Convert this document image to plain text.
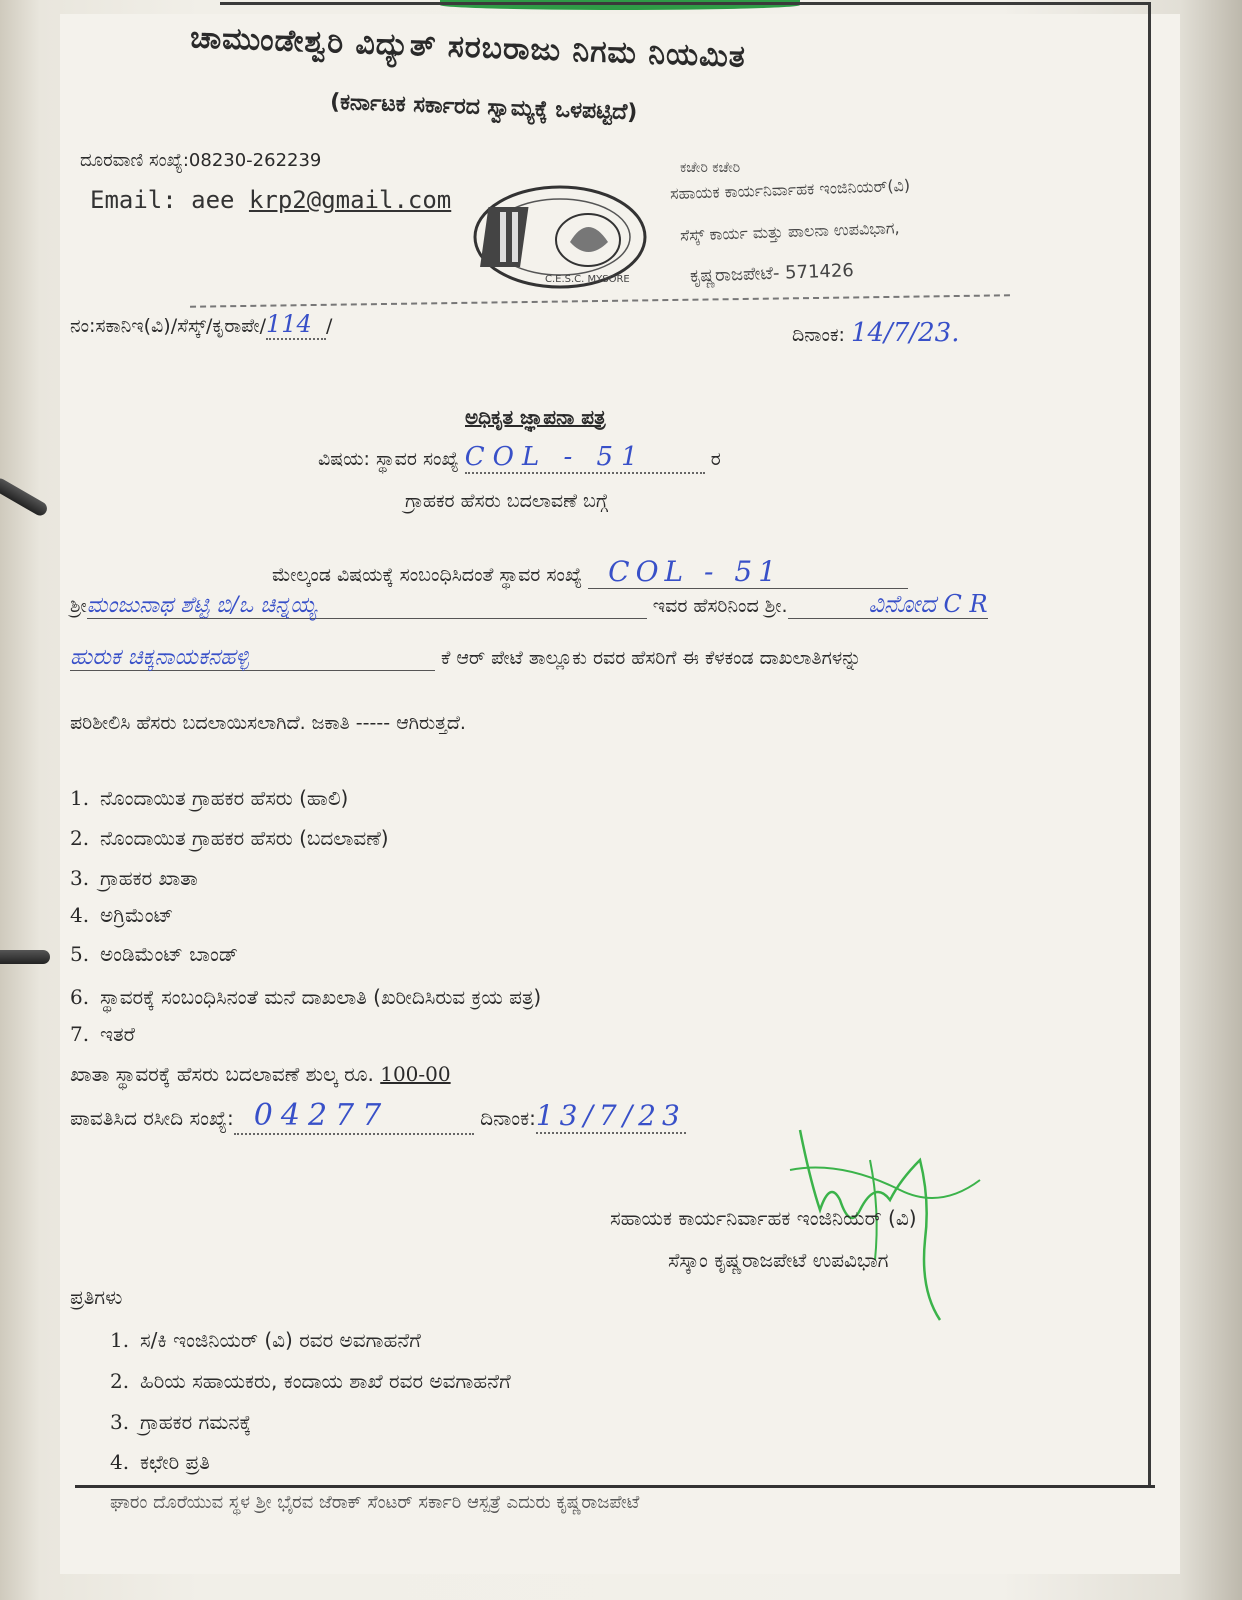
ಚಾಮುಂಡೇಶ್ವರಿ ವಿದ್ಯುತ್ ಸರಬರಾಜು ನಿಗಮ ನಿಯಮಿತ
(ಕರ್ನಾಟಕ ಸರ್ಕಾರದ ಸ್ವಾಮ್ಯಕ್ಕೆ ಒಳಪಟ್ಟಿದೆ)
ದೂರವಾಣಿ ಸಂಖ್ಯೆ:08230-262239
Email: aee krp2@gmail.com
C.E.S.C. MYSORE
ಕಚೇರಿ ಕಚೇರಿ
ಸಹಾಯಕ ಕಾರ್ಯನಿರ್ವಾಹಕ ಇಂಜಿನಿಯರ್(ವಿ)
ಸೆಸ್ಕ್ ಕಾರ್ಯ ಮತ್ತು ಪಾಲನಾ ಉಪವಿಭಾಗ,
ಕೃಷ್ಣರಾಜಪೇಟೆ- 571426
ನಂ:ಸಕಾನಿಇ(ವಿ)/ಸೆಸ್ಕ್/ಕೃರಾಪೇ/114 /	ದಿನಾಂಕ: 14/7/23.
ಅಧಿಕೃತ ಜ್ಞಾಪನಾ ಪತ್ರ
ವಿಷಯ: ಸ್ಥಾವರ ಸಂಖ್ಯೆ COL - 51	ರ
ಗ್ರಾಹಕರ ಹೆಸರು ಬದಲಾವಣೆ ಬಗ್ಗೆ
ಮೇಲ್ಕಂಡ ವಿಷಯಕ್ಕೆ ಸಂಬಂಧಿಸಿದಂತೆ ಸ್ಥಾವರ ಸಂಖ್ಯೆ COL - 51
ಶ್ರೀಮಂಜುನಾಥ ಶೆಟ್ಟಿ ಬಿ/ಒ ಚಿನ್ನಯ್ಯ	ಇವರ ಹೆಸರಿನಿಂದ ಶ್ರೀ.	ವಿನೋದ C R
ಹುರುಕ ಚಿಕ್ಕನಾಯಕನಹಳ್ಳಿ	ಕೆ ಆರ್ ಪೇಟೆ ತಾಲ್ಲೂಕು ರವರ ಹೆಸರಿಗೆ ಈ ಕೆಳಕಂಡ ದಾಖಲಾತಿಗಳನ್ನು
ಪರಿಶೀಲಿಸಿ ಹೆಸರು ಬದಲಾಯಿಸಲಾಗಿದೆ. ಜಕಾತಿ ----- ಆಗಿರುತ್ತದೆ.
1. ನೊಂದಾಯಿತ ಗ್ರಾಹಕರ ಹೆಸರು (ಹಾಲಿ)
2. ನೊಂದಾಯಿತ ಗ್ರಾಹಕರ ಹೆಸರು (ಬದಲಾವಣೆ)
3. ಗ್ರಾಹಕರ ಖಾತಾ
4. ಅಗ್ರಿಮೆಂಟ್
5. ಅಂಡಿಮೆಂಟ್ ಬಾಂಡ್
6. ಸ್ಥಾವರಕ್ಕೆ ಸಂಬಂಧಿಸಿನಂತೆ ಮನೆ ದಾಖಲಾತಿ (ಖರೀದಿಸಿರುವ ಕ್ರಯ ಪತ್ರ)
7. ಇತರೆ
ಖಾತಾ ಸ್ಥಾವರಕ್ಕೆ ಹೆಸರು ಬದಲಾವಣೆ ಶುಲ್ಕ ರೂ. 100-00
ಪಾವತಿಸಿದ ರಸೀದಿ ಸಂಖ್ಯೆ: 04277	ದಿನಾಂಕ:13/7/23
ಸಹಾಯಕ ಕಾರ್ಯನಿರ್ವಾಹಕ ಇಂಜಿನಿಯರ್ (ವಿ)
ಸೆಸ್ಕಾಂ ಕೃಷ್ಣರಾಜಪೇಟೆ ಉಪವಿಭಾಗ
ಪ್ರತಿಗಳು
1. ಸ/ಕಿ ಇಂಜಿನಿಯರ್ (ವಿ) ರವರ ಅವಗಾಹನೆಗೆ
2. ಹಿರಿಯ ಸಹಾಯಕರು, ಕಂದಾಯ ಶಾಖೆ ರವರ ಅವಗಾಹನೆಗೆ
3. ಗ್ರಾಹಕರ ಗಮನಕ್ಕೆ
4. ಕಛೇರಿ ಪ್ರತಿ
ಘಾರಂ ದೊರೆಯುವ ಸ್ಥಳ ಶ್ರೀ ಭೈರವ ಜೆರಾಕ್ ಸೆಂಟರ್ ಸರ್ಕಾರಿ ಆಸ್ಪತ್ರೆ ಎದುರು ಕೃಷ್ಣರಾಜಪೇಟೆ
